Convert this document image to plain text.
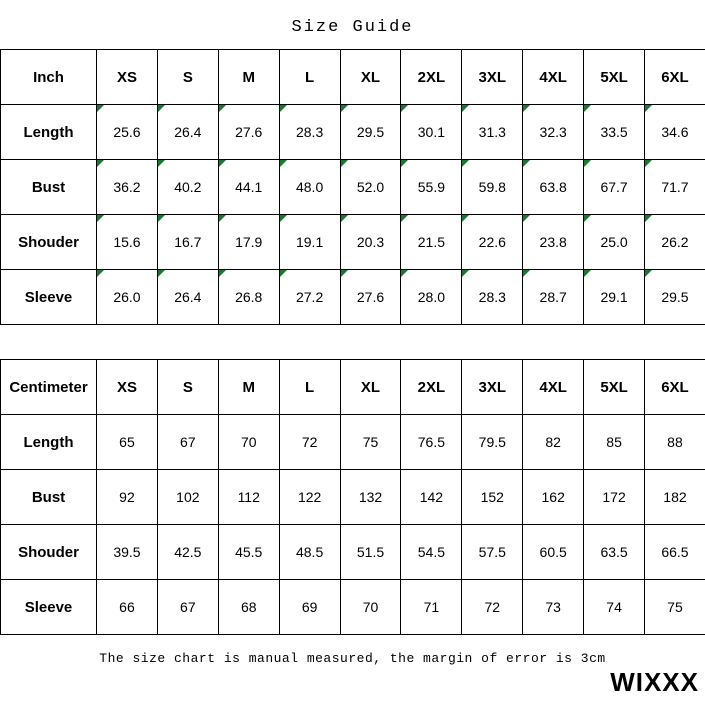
Size Guide
Inch	XS	S	M	L	XL	2XL	3XL	4XL	5XL	6XL
Length	25.6	26.4	27.6	28.3	29.5	30.1	31.3	32.3	33.5	34.6
Bust	36.2	40.2	44.1	48.0	52.0	55.9	59.8	63.8	67.7	71.7
Shouder	15.6	16.7	17.9	19.1	20.3	21.5	22.6	23.8	25.0	26.2
Sleeve	26.0	26.4	26.8	27.2	27.6	28.0	28.3	28.7	29.1	29.5
Centimeter	XS	S	M	L	XL	2XL	3XL	4XL	5XL	6XL
Length	65	67	70	72	75	76.5	79.5	82	85	88
Bust	92	102	112	122	132	142	152	162	172	182
Shouder	39.5	42.5	45.5	48.5	51.5	54.5	57.5	60.5	63.5	66.5
Sleeve	66	67	68	69	70	71	72	73	74	75
The size chart is manual measured, the margin of error is 3cm
WIXXX
